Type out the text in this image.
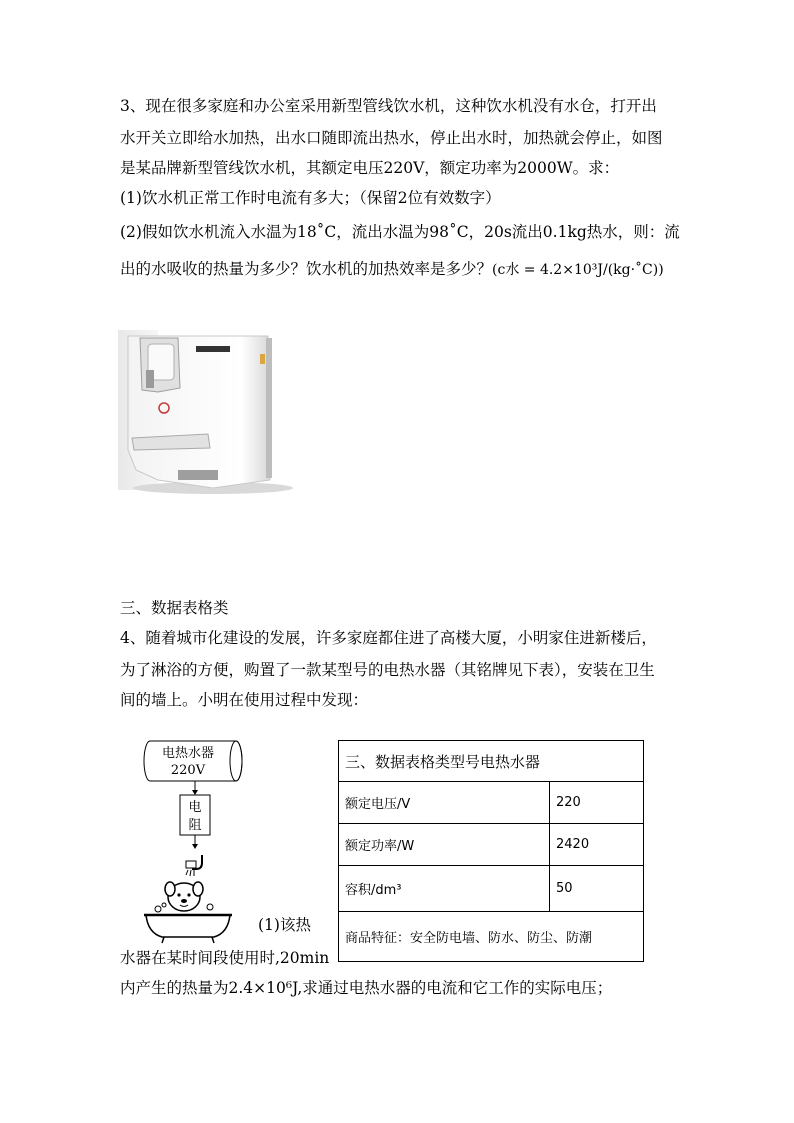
3、现在很多家庭和办公室采用新型管线饮水机，这种饮水机没有水仓，打开出
水开关立即给水加热，出水口随即流出热水，停止出水时，加热就会停止，如图
是某品牌新型管线饮水机，其额定电压220V，额定功率为2000W。求：
(1)饮水机正常工作时电流有多大；（保留2位有效数字）
(2)假如饮水机流入水温为18˚C，流出水温为98˚C，20s流出0.1kg热水，则：流
出的水吸收的热量为多少？饮水机的加热效率是多少？(c水 = 4.2×10³J/(kg·˚C))
三、数据表格类
4、随着城市化建设的发展，许多家庭都住进了高楼大厦，小明家住进新楼后，
为了淋浴的方便，购置了一款某型号的电热水器（其铭牌见下表），安装在卫生
间的墙上。小明在使用过程中发现：
电热水器
220V
电
阻
三、数据表格类型号电热水器	
额定电压/V	220
额定功率/W	2420
容积/dm³	50
商品特征：安全防电墙、防水、防尘、防潮	
(1)该热
水器在某时间段使用时,20min
内产生的热量为2.4×10⁶J,求通过电热水器的电流和它工作的实际电压；
